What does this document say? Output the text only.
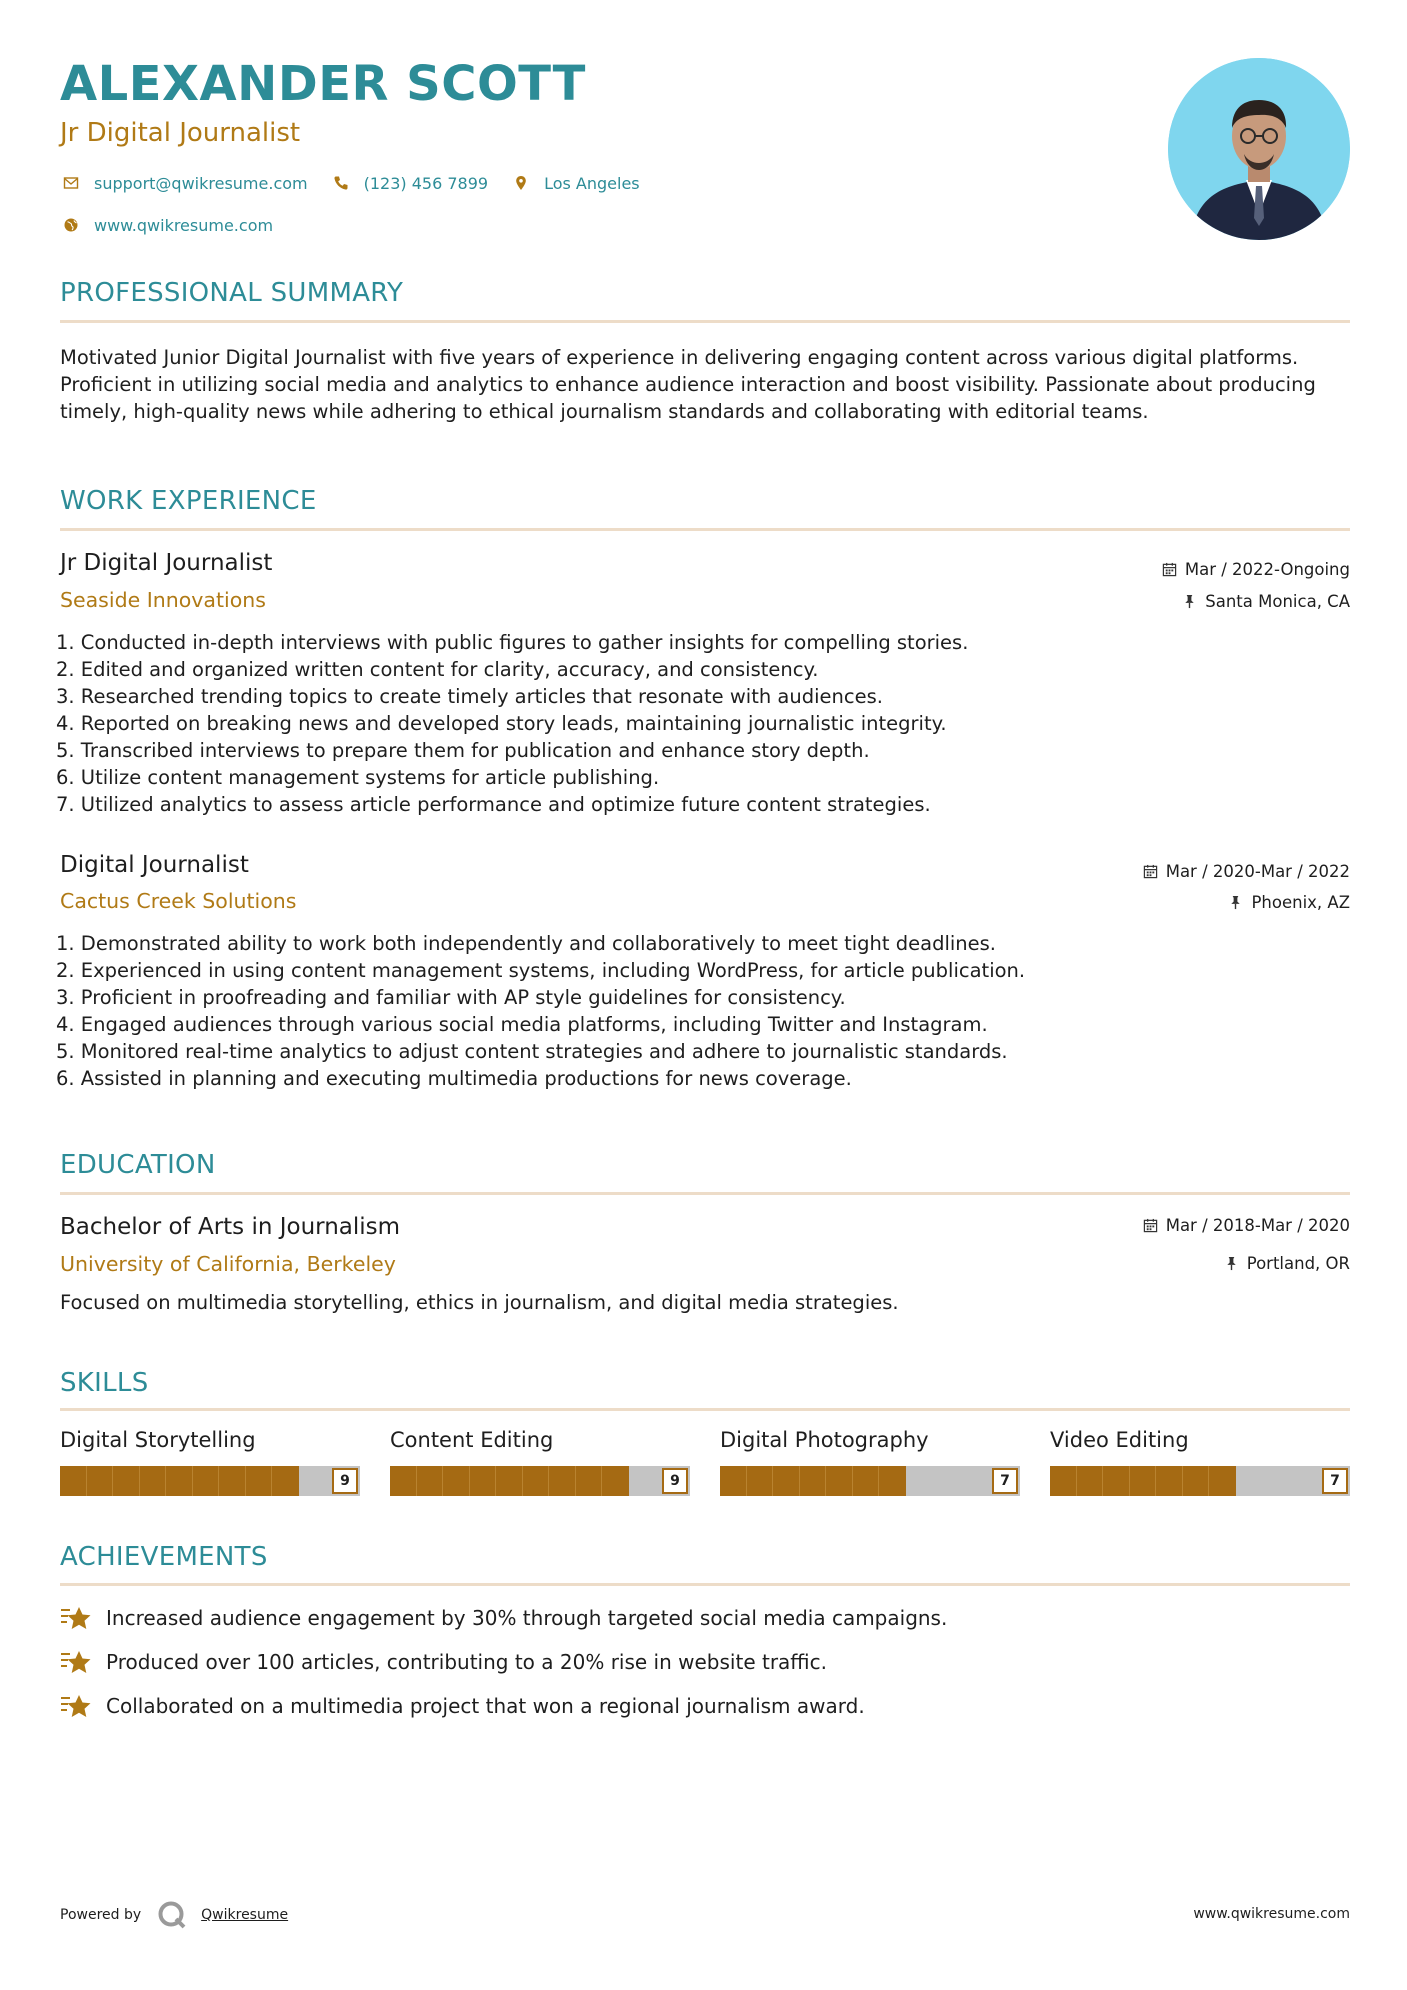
ALEXANDER SCOTT
Jr Digital Journalist
support@qwikresume.com	(123) 456 7899	Los Angeles
www.qwikresume.com
PROFESSIONAL SUMMARY
Motivated Junior Digital Journalist with five years of experience in delivering engaging content across various digital platforms. Proficient in utilizing social media and analytics to enhance audience interaction and boost visibility. Passionate about producing timely, high-quality news while adhering to ethical journalism standards and collaborating with editorial teams.
WORK EXPERIENCE
Jr Digital Journalist	Mar / 2022-Ongoing
Seaside Innovations	Santa Monica, CA
1. Conducted in-depth interviews with public figures to gather insights for compelling stories.
2. Edited and organized written content for clarity, accuracy, and consistency.
3. Researched trending topics to create timely articles that resonate with audiences.
4. Reported on breaking news and developed story leads, maintaining journalistic integrity.
5. Transcribed interviews to prepare them for publication and enhance story depth.
6. Utilize content management systems for article publishing.
7. Utilized analytics to assess article performance and optimize future content strategies.
Digital Journalist	Mar / 2020-Mar / 2022
Cactus Creek Solutions	Phoenix, AZ
1. Demonstrated ability to work both independently and collaboratively to meet tight deadlines.
2. Experienced in using content management systems, including WordPress, for article publication.
3. Proficient in proofreading and familiar with AP style guidelines for consistency.
4. Engaged audiences through various social media platforms, including Twitter and Instagram.
5. Monitored real-time analytics to adjust content strategies and adhere to journalistic standards.
6. Assisted in planning and executing multimedia productions for news coverage.
EDUCATION
Bachelor of Arts in Journalism	Mar / 2018-Mar / 2020
University of California, Berkeley	Portland, OR
Focused on multimedia storytelling, ethics in journalism, and digital media strategies.
SKILLS
Digital Storytelling
9
Content Editing
9
Digital Photography
7
Video Editing
7
ACHIEVEMENTS
Increased audience engagement by 30% through targeted social media campaigns.
Produced over 100 articles, contributing to a 20% rise in website traffic.
Collaborated on a multimedia project that won a regional journalism award.
Powered by	Qwikresume	www.qwikresume.com
